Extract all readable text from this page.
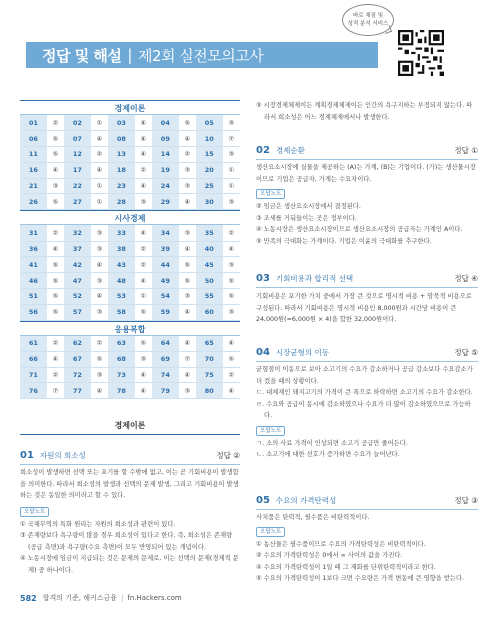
바로 채점 및
성적 분석 서비스
정답 및 해설 | 제2회 실전모의고사
경제이론
01	②	02	①	03	④	04	⑤	05	③
06	⑤	07	④	08	④	09	④	10	⑦
11	⑤	12	②	13	④	14	②	15	③
16	④	17	④	18	②	19	③	20	①
21	③	22	①	23	④	24	③	25	①
26	⑤	27	①	28	③	29	④	30	③
시사경제
31	②	32	③	33	④	34	③	35	②
36	④	37	③	38	②	39	④	40	④
41	⑤	42	④	43	②	44	⑤	45	③
46	⑤	47	③	48	④	49	⑤	50	⑤
51	⑤	52	④	53	①	54	③	55	⑤
56	⑤	57	③	58	⑤	59	④	60	③
응용복합
61	②	62	②	63	⑤	64	④	65	④
66	④	67	⑤	68	③	69	⑦	70	⑤
71	②	72	③	73	④	74	④	75	②
76	⑦	77	④	78	④	79	③	80	④
경제이론
01 자원의 희소성	정답 ②
희소성이 발생하면 선택 또는 포기를 할 수밖에 없고, 이는 곧 기회비용이 발생함을 의미한다. 따라서 희소성의 발생과 선택의 문제 발생, 그리고 기회비용이 발생하는 것은 동일한 의미라고 할 수 있다.
오답노트
① 국채무역의 특화 원리는 자원의 희소성과 관련이 있다.
③ 존재량보다 욕구량이 많을 경우 희소성이 있다고 한다. 즉, 희소성은 존재량(공급 측면)과 욕구량(수요 측면)이 모두 반영되어 있는 개념이다.
④ 노동시장에 임금이 지급되는 것은 문제의 문제로, 이는 선택의 문제(경제적 문제) 중 하나이다.
⑤ 시장경제체제이든 계획경제체제이든 인간의 욕구지하는 부정되지 않는다. 따라서 희소성은 어느 경제체제에서나 발생한다.
02 경제순환	정답 ①
생산요소시장에 실물을 제공하는 (A)는 가계, (B)는 기업이다. (가)는 생산물시장이므로 기업은 공급자, 가계는 수요자이다.
오답노트
② 임금은 생산요소시장에서 결정된다.
③ 조세를 거둬들이는 곳은 정부이다.
④ 노동시장은 생산요소시장이므로 생산요소시장의 공급자는 가계인 A이다.
⑤ 만족의 극대화는 가계이다. 기업은 이윤의 극대화를 추구한다.
03 기회비용과 합리적 선택	정답 ④
기회비용은 포기한 가치 중에서 가장 큰 것으로 명시적 비용 + 암묵적 비용으로 구성된다. 따라서 기회비용은 명시적 비용인 8,000원과 시간당 비용이 큰 24,000원(=6,000원 × 4)을 합한 32,000원이다.
04 시장균형의 이동	정답 ⑤
균형점이 이동으로 보아 소고기의 수요가 감소하거나 공급 감소보다 수요감소가 더 컸을 때의 상황이다.
ㄷ. 대체재인 돼지고기의 가격이 큰 폭으로 하락하면 소고기의 수요가 감소한다.
ㄹ. 수요와 공급이 동시에 감소하였으나 수요가 더 많이 감소하였으므로 가능하다.
오답노트
ㄱ. 소의 사료 가격이 인상되면 소고기 공급만 줄어든다.
ㄴ. 소고기에 대한 선호가 증가하면 수요가 늘어난다.
05 수요의 가격탄력성	정답 ③
사치품은 탄력적, 필수품은 비탄력적이다.
오답노트
① 농산물은 필수품이므로 수요의 가격탄력성은 비탄력적이다.
② 수요의 가격탄력성은 0에서 ∞ 사이의 값을 가진다.
④ 수요의 가격탄력성이 1일 때 그 재화를 단위탄력적이라고 한다.
⑤ 수요의 가격탄력성이 1보다 크면 수요량은 가격 변동에 큰 영향을 받는다.
582 합격의 기준, 해커스금융 | fn.Hackers.com
